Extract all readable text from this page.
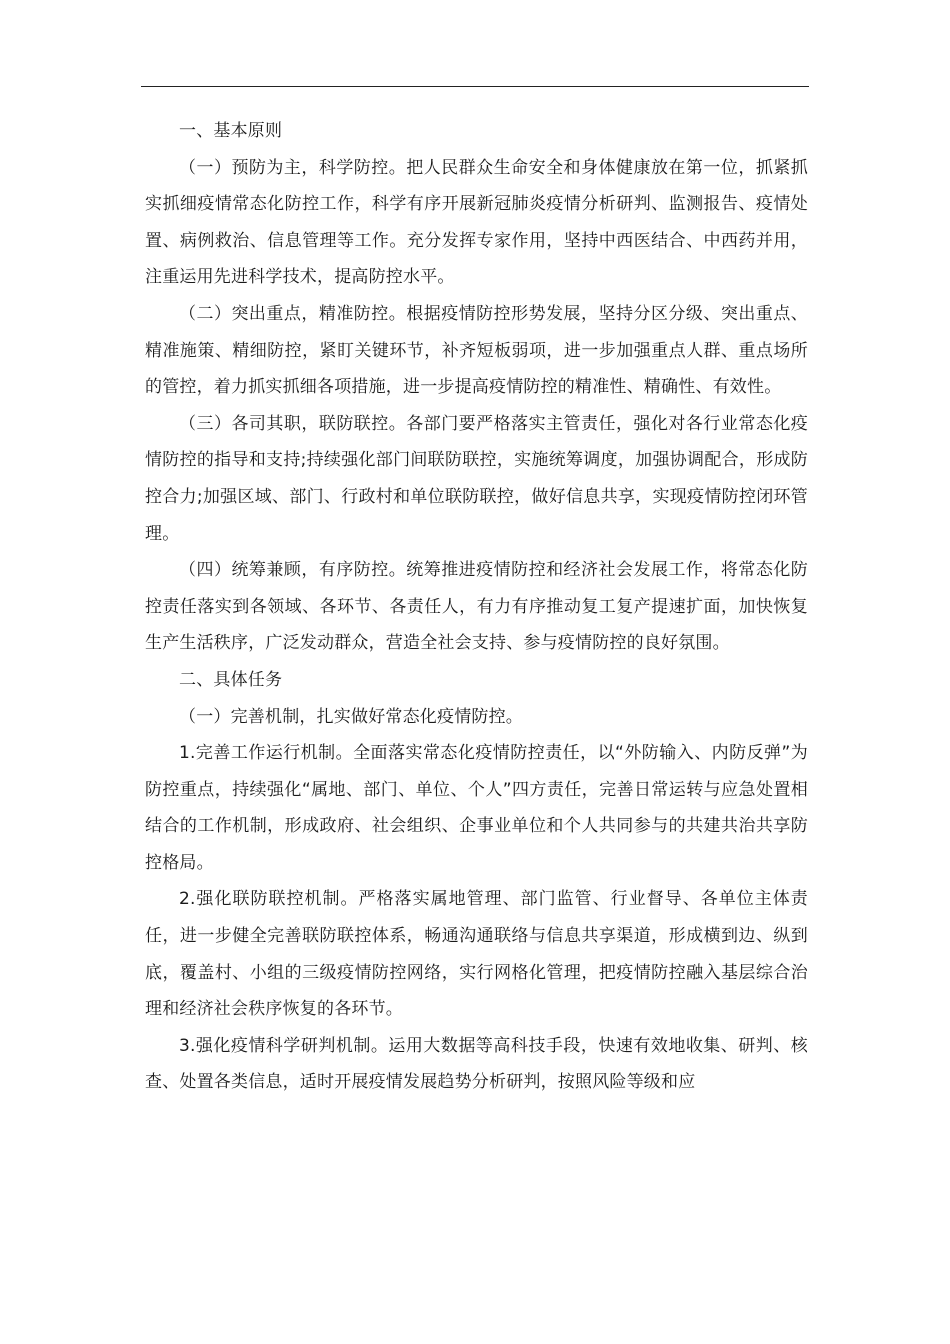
一、基本原则

（一）预防为主，科学防控。把人民群众生命安全和身体健康放在第一位，抓紧抓实抓细疫情常态化防控工作，科学有序开展新冠肺炎疫情分析研判、监测报告、疫情处置、病例救治、信息管理等工作。充分发挥专家作用，坚持中西医结合、中西药并用，注重运用先进科学技术，提高防控水平。

（二）突出重点，精准防控。根据疫情防控形势发展，坚持分区分级、突出重点、精准施策、精细防控，紧盯关键环节，补齐短板弱项，进一步加强重点人群、重点场所的管控，着力抓实抓细各项措施，进一步提高疫情防控的精准性、精确性、有效性。

（三）各司其职，联防联控。各部门要严格落实主管责任，强化对各行业常态化疫情防控的指导和支持;持续强化部门间联防联控，实施统筹调度，加强协调配合，形成防控合力;加强区域、部门、行政村和单位联防联控，做好信息共享，实现疫情防控闭环管理。

（四）统筹兼顾，有序防控。统筹推进疫情防控和经济社会发展工作，将常态化防控责任落实到各领域、各环节、各责任人，有力有序推动复工复产提速扩面，加快恢复生产生活秩序，广泛发动群众，营造全社会支持、参与疫情防控的良好氛围。

二、具体任务

（一）完善机制，扎实做好常态化疫情防控。

1.完善工作运行机制。全面落实常态化疫情防控责任，以“外防输入、内防反弹”为防控重点，持续强化“属地、部门、单位、个人”四方责任，完善日常运转与应急处置相结合的工作机制，形成政府、社会组织、企事业单位和个人共同参与的共建共治共享防控格局。

2.强化联防联控机制。严格落实属地管理、部门监管、行业督导、各单位主体责任，进一步健全完善联防联控体系，畅通沟通联络与信息共享渠道，形成横到边、纵到底，覆盖村、小组的三级疫情防控网络，实行网格化管理，把疫情防控融入基层综合治理和经济社会秩序恢复的各环节。

3.强化疫情科学研判机制。运用大数据等高科技手段，快速有效地收集、研判、核查、处置各类信息，适时开展疫情发展趋势分析研判，按照风险等级和应
